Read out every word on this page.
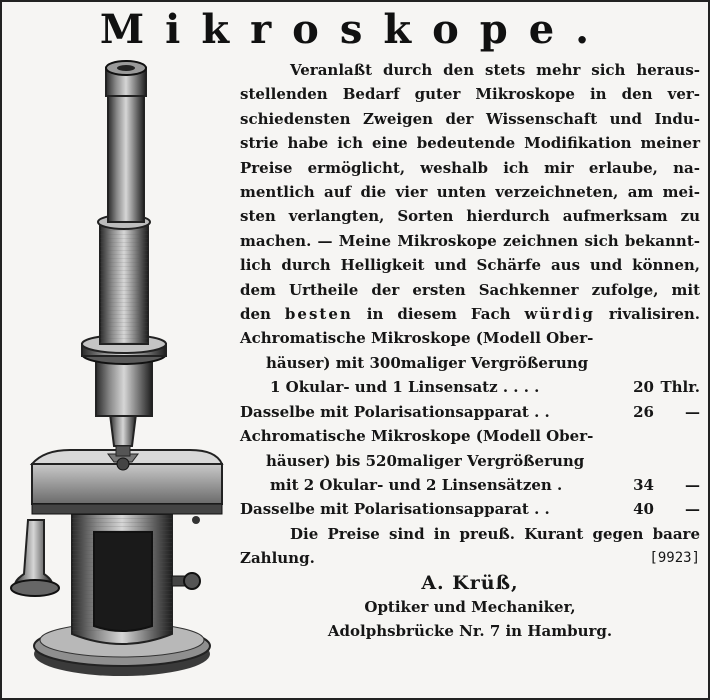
Mikroskope.
Veranlaßt durch den stets mehr sich heraus-
stellenden Bedarf guter Mikroskope in den ver-
schiedensten Zweigen der Wissenschaft und Indu-
strie habe ich eine bedeutende Modifikation meiner
Preise ermöglicht, weshalb ich mir erlaube, na-
mentlich auf die vier unten verzeichneten, am mei-
sten verlangten, Sorten hierdurch aufmerksam zu
machen. — Meine Mikroskope zeichnen sich bekannt-
lich durch Helligkeit und Schärfe aus und können,
dem Urtheile der ersten Sachkenner zufolge, mit
den besten in diesem Fach würdig rivalisiren.
Achromatische Mikroskope (Modell Ober-
häuser) mit 300maliger Vergrößerung
1 Okular- und 1 Linsensatz . . . .	20 Thlr.
Dasselbe mit Polarisationsapparat . .	26	—
Achromatische Mikroskope (Modell Ober-
häuser) bis 520maliger Vergrößerung
mit 2 Okular- und 2 Linsensätzen .	34	—
Dasselbe mit Polarisationsapparat . .	40	—
Die Preise sind in preuß. Kurant gegen baare
Zahlung.	[9923]
A. Krüß,
Optiker und Mechaniker,
Adolphsbrücke Nr. 7 in Hamburg.
